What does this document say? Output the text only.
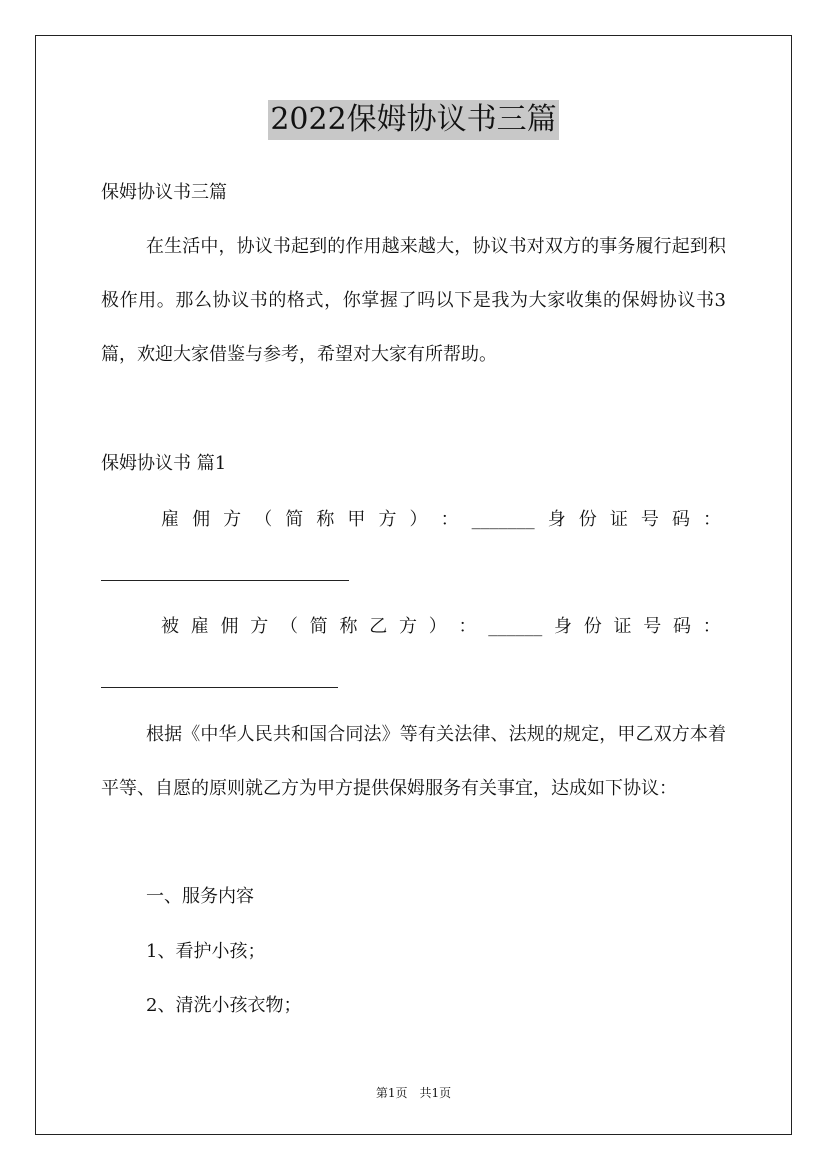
2022保姆协议书三篇
保姆协议书三篇
在生活中，协议书起到的作用越来越大，协议书对双方的事务履行起到积极作用。那么协议书的格式，你掌握了吗以下是我为大家收集的保姆协议书3篇，欢迎大家借鉴与参考，希望对大家有所帮助。
保姆协议书 篇1
雇 佣 方 （ 简 称 甲 方 ） ： _______ 身 份 证 号 码 ：
被 雇 佣 方 （ 简 称 乙 方 ） ： ______ 身 份 证 号 码 ：
根据《中华人民共和国合同法》等有关法律、法规的规定，甲乙双方本着平等、自愿的原则就乙方为甲方提供保姆服务有关事宜，达成如下协议：
一、服务内容
1、看护小孩；
2、清洗小孩衣物；
第1页　共1页
